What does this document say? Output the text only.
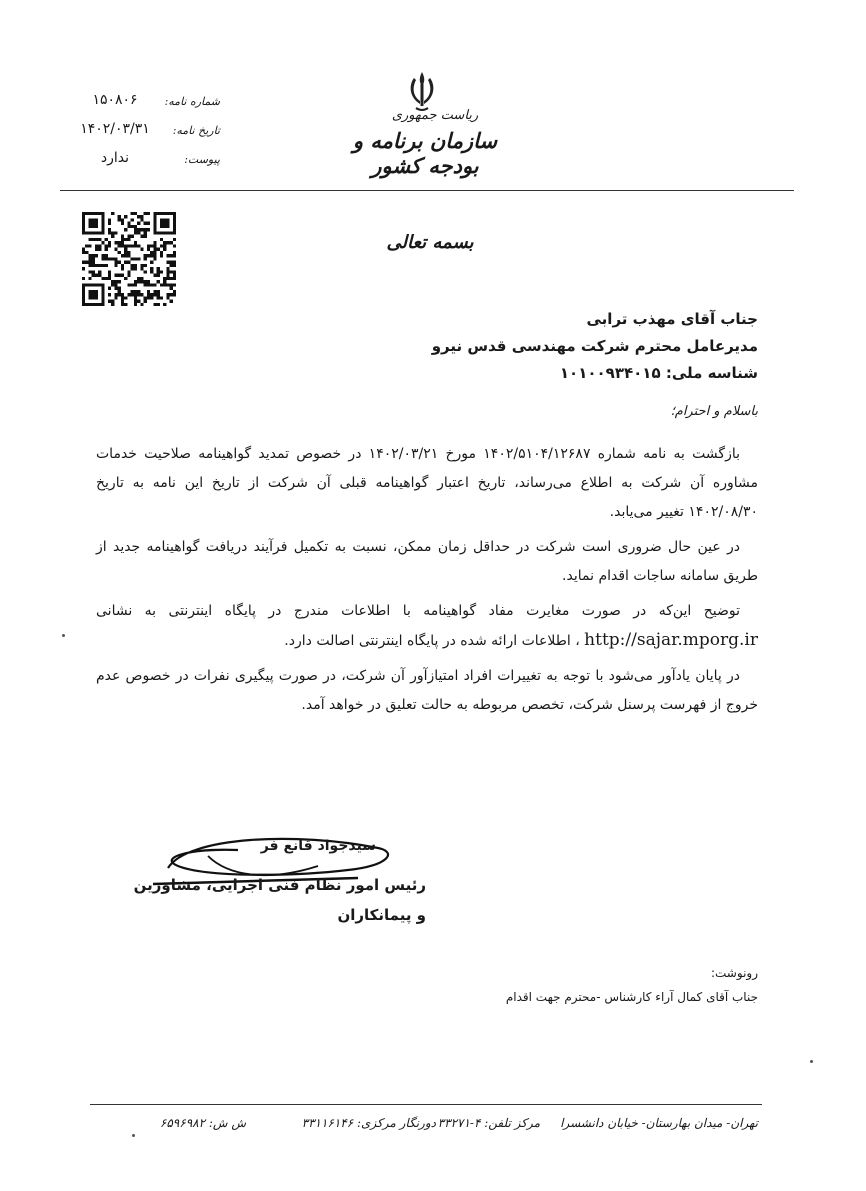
ریاست جمهوری
سازمان برنامه و بودجه کشور
شماره نامه:
۱۵۰۸۰۶
تاریخ نامه:
۱۴۰۲/۰۳/۳۱
پیوست:
ندارد
بسمه تعالی
جناب آقای مهذب ترابی
مدیرعامل محترم شرکت مهندسی قدس نیرو
شناسه ملی: ۱۰۱۰۰۹۳۴۰۱۵
باسلام و احترام؛

بازگشت به نامه شماره ۱۴۰۲/۵۱۰۴/۱۲۶۸۷ مورخ ۱۴۰۲/۰۳/۲۱ در خصوص تمدید گواهینامه صلاحیت خدمات مشاوره آن شرکت به اطلاع می‌رساند، تاریخ اعتبار گواهینامه قبلی آن شرکت از تاریخ این نامه به تاریخ ۱۴۰۲/۰۸/۳۰ تغییر می‌یابد.

در عین حال ضروری است شرکت در حداقل زمان ممکن، نسبت به تکمیل فرآیند دریافت گواهینامه جدید از طریق سامانه ساجات اقدام نماید.

توضیح این‌که در صورت مغایرت مفاد گواهینامه با اطلاعات مندرج در پایگاه اینترنتی به نشانی http://sajar.mporg.ir ، اطلاعات ارائه شده در پایگاه اینترنتی اصالت دارد.

در پایان یادآور می‌شود با توجه به تغییرات افراد امتیازآور آن شرکت، در صورت پیگیری نفرات در خصوص عدم خروج از فهرست پرسنل شرکت، تخصص مربوطه به حالت تعلیق در خواهد آمد.

سیدجواد قانع فر
رئیس امور نظام فنی اجرایی، مشاورین
و پیمانکاران
رونوشت:
جناب آقای کمال آراء کارشناس -محترم جهت اقدام
تهران- میدان بهارستان- خیابان دانشسرا
مرکز تلفن: ۴-۳۳۲۷۱
دورنگار مرکزی: ۳۳۱۱۶۱۴۶
ش ش: ۶۵۹۶۹۸۲
